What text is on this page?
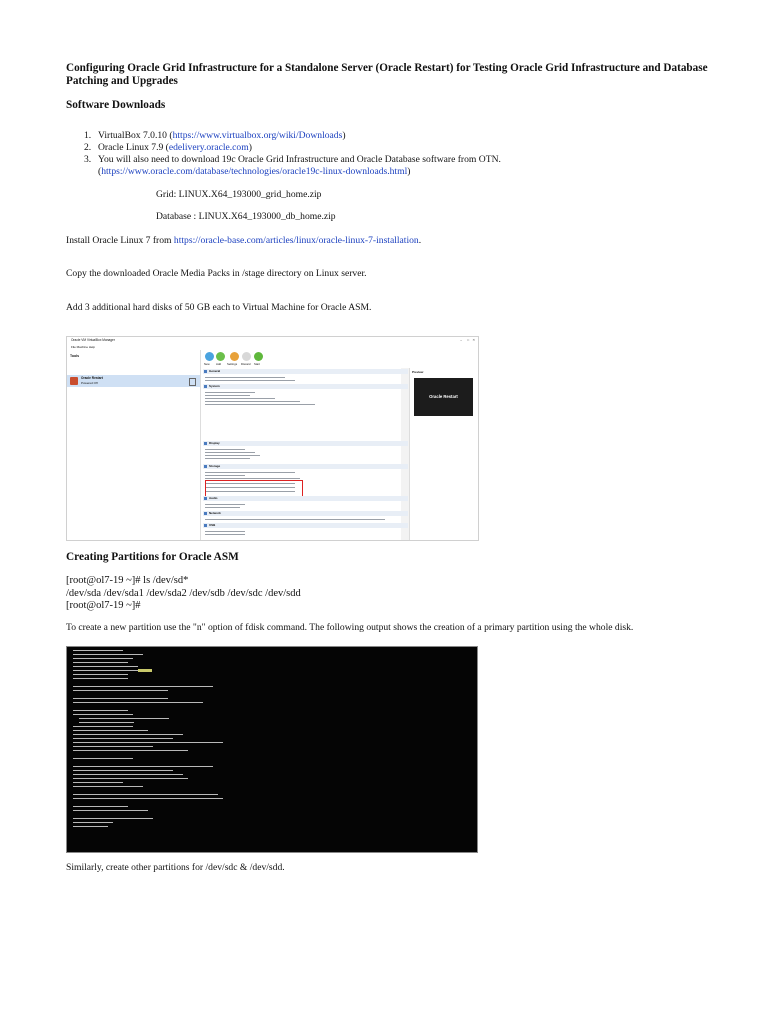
Configuring Oracle Grid Infrastructure for a Standalone Server (Oracle Restart) for Testing Oracle Grid Infrastructure and Database Patching and Upgrades
Software Downloads
1. VirtualBox 7.0.10 (https://www.virtualbox.org/wiki/Downloads)
2. Oracle Linux 7.9 (edelivery.oracle.com)
3. You will also need to download 19c Oracle Grid Infrastructure and Oracle Database software from OTN.
(https://www.oracle.com/database/technologies/oracle19c-linux-downloads.html)
Grid: LINUX.X64_193000_grid_home.zip
Database : LINUX.X64_193000_db_home.zip
Install Oracle Linux 7 from https://oracle-base.com/articles/linux/oracle-linux-7-installation.
Copy the downloaded Oracle Media Packs in /stage directory on Linux server.
Add 3 additional hard disks of 50 GB each to Virtual Machine for Oracle ASM.
Oracle VM VirtualBox Manager	– □ ✕
File Machine Help
Tools
Oracle Restart
Powered Off
New Add Settings Discard Start
General
System
Display
Storage
Audio
Network
USB
Preview
Oracle Restart
Creating Partitions for Oracle ASM
[root@ol7-19 ~]# ls /dev/sd*
/dev/sda /dev/sda1 /dev/sda2 /dev/sdb /dev/sdc /dev/sdd
[root@ol7-19 ~]#
To create a new partition use the "n" option of fdisk command. The following output shows the creation of a primary partition using the whole disk.
Similarly, create other partitions for /dev/sdc & /dev/sdd.
